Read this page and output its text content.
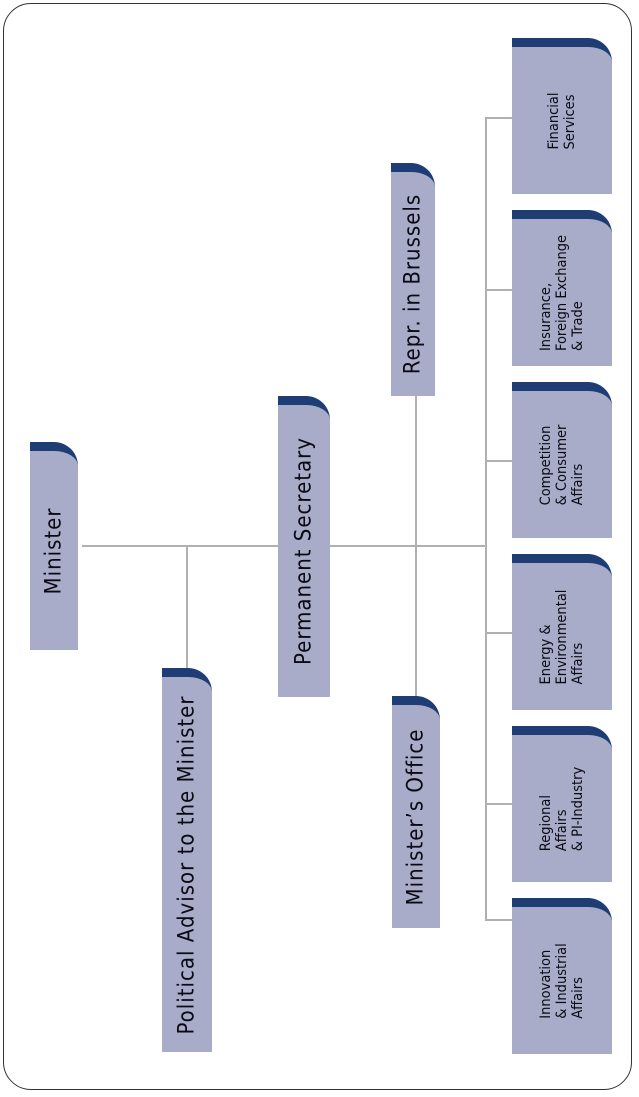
Minister
Political Advisor to the Minister
Permanent Secretary
Minister’s Office
Repr. in Brussels
Financial
Services
Insurance,
Foreign Exchange
& Trade
Competition
& Consumer
Affairs
Energy &
Environmental
Affairs
Regional
Affairs
& PI-Industry
Innovation
& Industrial
Affairs
